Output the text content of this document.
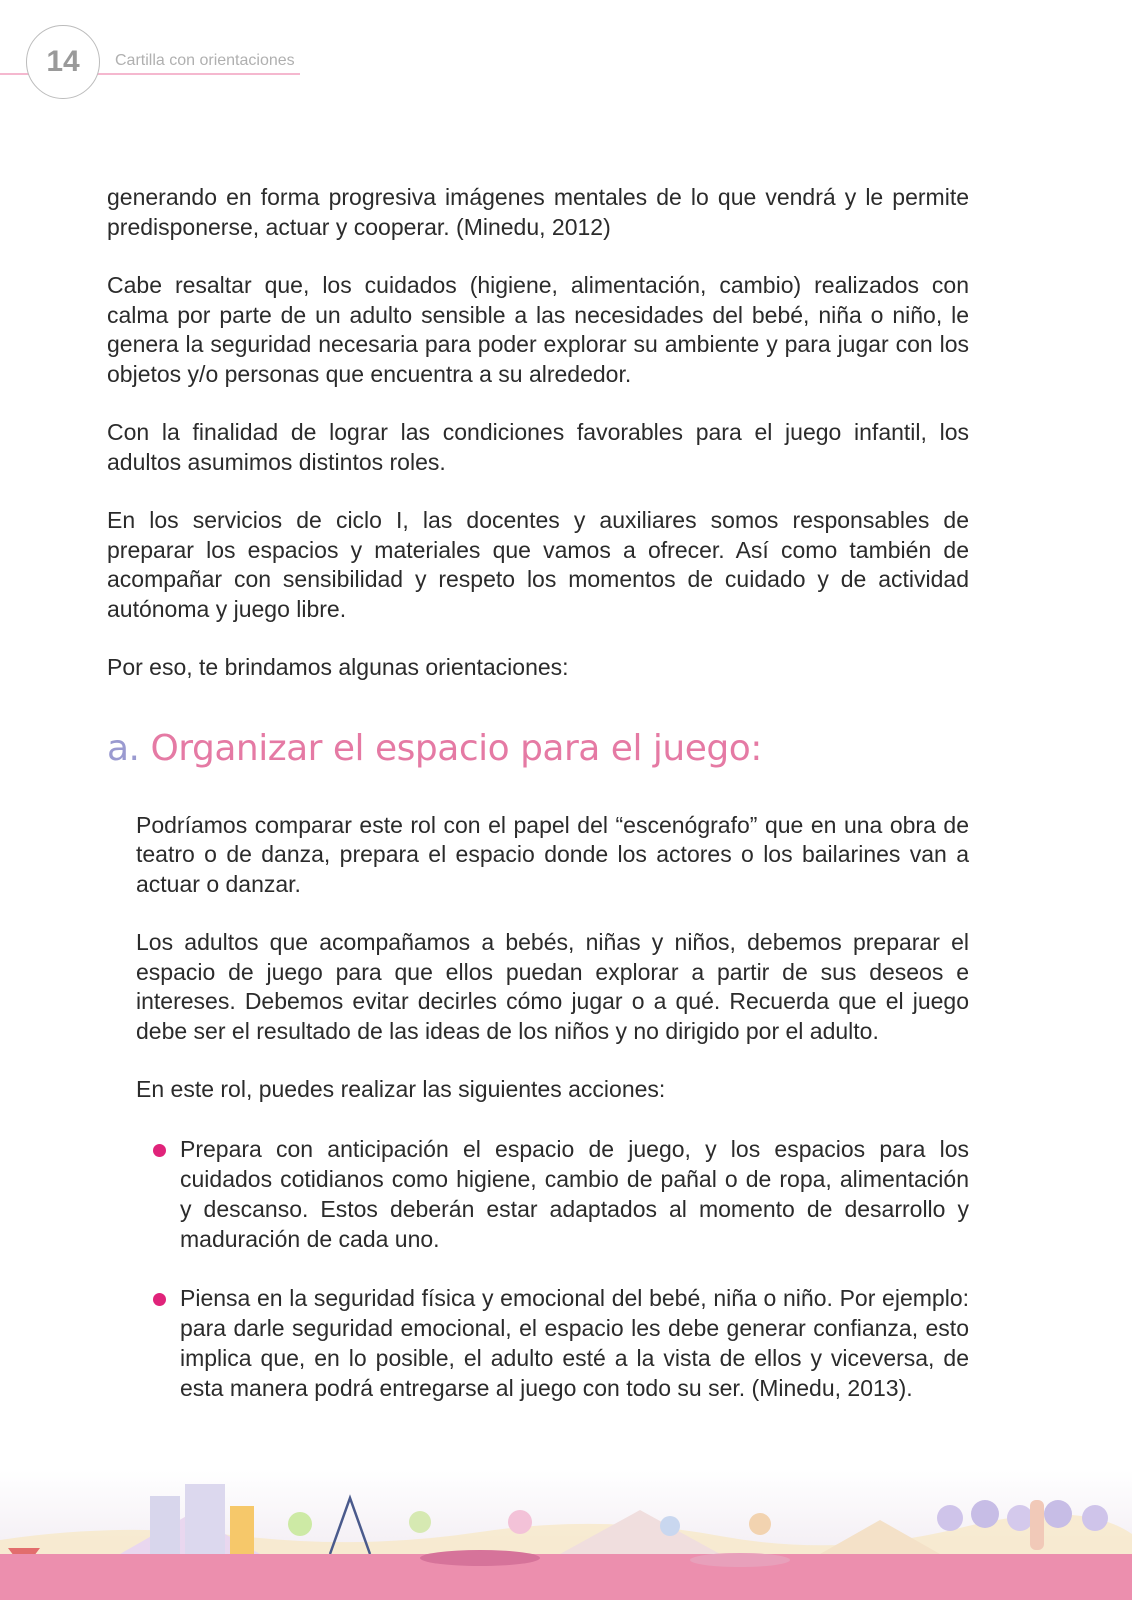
14 Cartilla con orientaciones

generando en forma progresiva imágenes mentales de lo que vendrá y le permite predisponerse, actuar y cooperar. (Minedu, 2012)

Cabe resaltar que, los cuidados (higiene, alimentación, cambio) realizados con calma por parte de un adulto sensible a las necesidades del bebé, niña o niño, le genera la seguridad necesaria para poder explorar su ambiente y para jugar con los objetos y/o personas que encuentra a su alrededor.

Con la finalidad de lograr las condiciones favorables para el juego infantil, los adultos asumimos distintos roles.

En los servicios de ciclo I, las docentes y auxiliares somos responsables de preparar los espacios y materiales que vamos a ofrecer. Así como también de acompañar con sensibilidad y respeto los momentos de cuidado y de actividad autónoma y juego libre.

Por eso, te brindamos algunas orientaciones:

a. Organizar el espacio para el juego:

Podríamos comparar este rol con el papel del “escenógrafo” que en una obra de teatro o de danza, prepara el espacio donde los actores o los bailarines van a actuar o danzar.

Los adultos que acompañamos a bebés, niñas y niños, debemos preparar el espacio de juego para que ellos puedan explorar a partir de sus deseos e intereses. Debemos evitar decirles cómo jugar o a qué. Recuerda que el juego debe ser el resultado de las ideas de los niños y no dirigido por el adulto.

En este rol, puedes realizar las siguientes acciones:

Prepara con anticipación el espacio de juego, y los espacios para los cuidados cotidianos como higiene, cambio de pañal o de ropa, alimentación y descanso. Estos deberán estar adaptados al momento de desarrollo y maduración de cada uno.
Piensa en la seguridad física y emocional del bebé, niña o niño. Por ejemplo: para darle seguridad emocional, el espacio les debe generar confianza, esto implica que, en lo posible, el adulto esté a la vista de ellos y viceversa, de esta manera podrá entregarse al juego con todo su ser. (Minedu, 2013).
